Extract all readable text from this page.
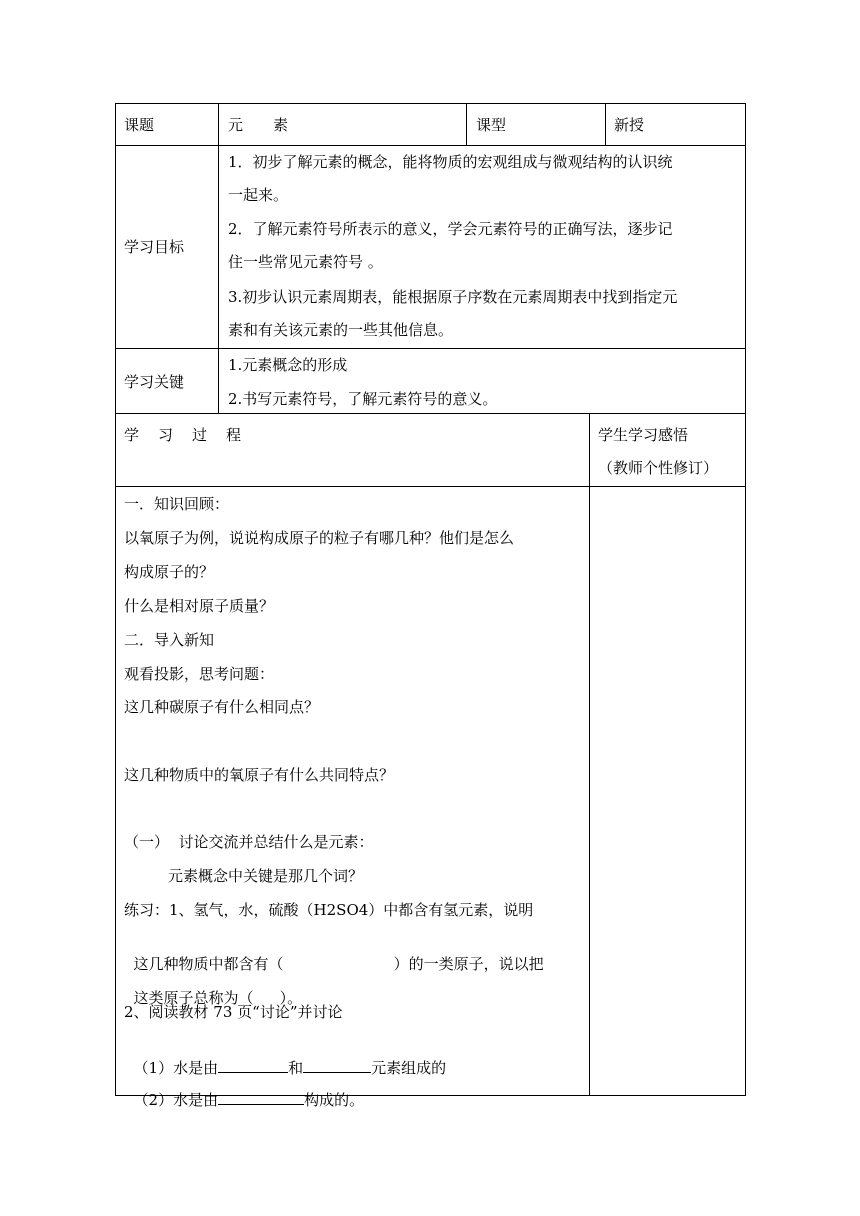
课题	元　　素	课型	新授
学习目标
1．初步了解元素的概念，能将物质的宏观组成与微观结构的认识统
一起来。
2．了解元素符号所表示的意义，学会元素符号的正确写法，逐步记
住一些常见元素符号 。
3.初步认识元素周期表，能根据原子序数在元素周期表中找到指定元
素和有关该元素的一些其他信息。
学习关键
1.元素概念的形成
2.书写元素符号，了解元素符号的意义。
学　习　过　程	学生学习感悟
（教师个性修订）
一．知识回顾：
以氧原子为例，说说构成原子的粒子有哪几种？他们是怎么
构成原子的？
什么是相对原子质量？
二．导入新知
观看投影，思考问题：
这几种碳原子有什么相同点？
这几种物质中的氧原子有什么共同特点？
（一）  讨论交流并总结什么是元素：
元素概念中关键是那几个词？
练习：1、氢气，水，硫酸（H2SO4）中都含有氢元素，说明

这几种物质中都含有（	）的一类原子，说以把

这类原子总称为（ ）。

2、阅读教材 73 页“讨论”并讨论

（1）水是由	和	元素组成的

（2）水是由	构成的。
